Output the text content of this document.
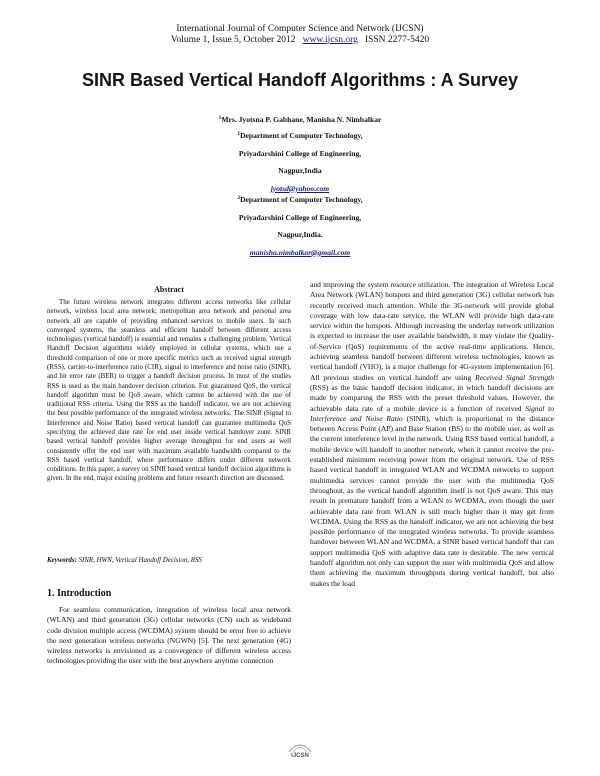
International Journal of Computer Science and Network (IJCSN)
Volume 1, Issue 5, October 2012 www.ijcsn.org ISSN 2277-5420
SINR Based Vertical Handoff Algorithms : A Survey
$^1$Mrs. Jyotsna P. Gabhane, Manisha N. Nimbalkar
$^1$Department of Computer Technology,
Priyadarshini College of Engineering,
Nagpur,India
jyotsd@yahoo.com
$^2$Department of Computer Technology,
Priyadarshini College of Engineering,
Nagpur,India.
manisha.nimbalkar@gmail.com
Abstract

The future wireless network integrates different access networks like cellular network, wireless local area network; metropolitan area network and personal area network all are capable of providing enhanced services to mobile users. In such converged systems, the seamless and efficient handoff between different access technologies (vertical handoff) is essential and remains a challenging problem. Vertical Handoff Decision algorithms widely employed in cellular systems, which use a threshold comparison of one or more specific metrics such as received signal strength (RSS), carrier-to-interference ratio (CIR), signal to interference and noise ratio (SINR), and bit error rate (BER) to trigger a handoff decision process. In most of the studies RSS is used as the main handover decision criterion. For guaranteed QoS, the vertical handoff algorithm must be QoS aware, which cannot be achieved with the use of traditional RSS criteria. Using the RSS as the handoff indicator, we are not achieving the best possible performance of the integrated wireless networks. The SINR (Signal to Interference and Noise Ratio) based vertical handoff can guarantee multimedia QoS specifying the achieved date rate for end user inside vertical handover zone. SINR based vertical handoff provides higher average throughput for end users as well consistently offer the end user with maximum available bandwidth compared to the RSS based vertical handoff, where performance differs under different network conditions. In this paper, a survey on SINR based vertical handoff decision algorithms is given. In the end, major existing problems and future research direction are discussed.

Keywords: SINR, HWN, Vertical Handoff Decision, RSS
1. Introduction

For seamless communication, integration of wireless local area network (WLAN) and third generation (3G) cellular networks (CN) such as wideband code division multiple access (WCDMA) system should be error free to achieve the next generation wireless networks (NGWN) [5]. The next generation (4G) wireless networks is envisioned as a convergence of different wireless access technologies providing the user with the best anywhere anytime connection

and improving the system resource utilization. The integration of Wireless Local Area Network (WLAN) hotspots and third generation (3G) cellular network has recently received much attention. While the 3G-network will provide global coverage with low data-rate service, the WLAN will provide high data-rate service within the hotspots. Although increasing the underlay network utilization is expected to increase the user available bandwidth, it may violate the Quality-of-Service (QoS) requirements of the active real-time applications. Hence, achieving seamless handoff between different wireless technologies, known as vertical handoff (VHO), is a major challenge for 4G-system implementation [6]. All previous studies on vertical handoff are using Received Signal Strength (RSS) as the basic handoff decision indicator, in which handoff decisions are made by comparing the RSS with the preset threshold values. However, the achievable data rate of a mobile device is a function of received Signal to Interference and Noise Ratio (SINR), which is proportional to the distance between Access Point (AP) and Base Station (BS) to the mobile user, as well as the current interference level in the network. Using RSS based vertical handoff, a mobile device will handoff to another network, when it cannot receive the pre-established minimum receiving power from the original network. Use of RSS based vertical handoff in integrated WLAN and WCDMA networks to support multimedia services cannot provide the user with the multimedia QoS throughout, as the vertical handoff algorithm itself is not QoS aware. This may result in premature handoff from a WLAN to WCDMA, even though the user achievable data rate from WLAN is still much higher than it may get from WCDMA. Using the RSS as the handoff indicator, we are not achieving the best possible performance of the integrated wireless networks. To provide seamless handover between WLAN and WCDMA, a SINR based vertical handoff that can support multimedia QoS with adaptive data rate is desirable. The new vertical handoff algorithm not only can support the user with multimedia QoS and allow them achieving the maximum throughputs during vertical handoff, but also makes the load

IJCSN
